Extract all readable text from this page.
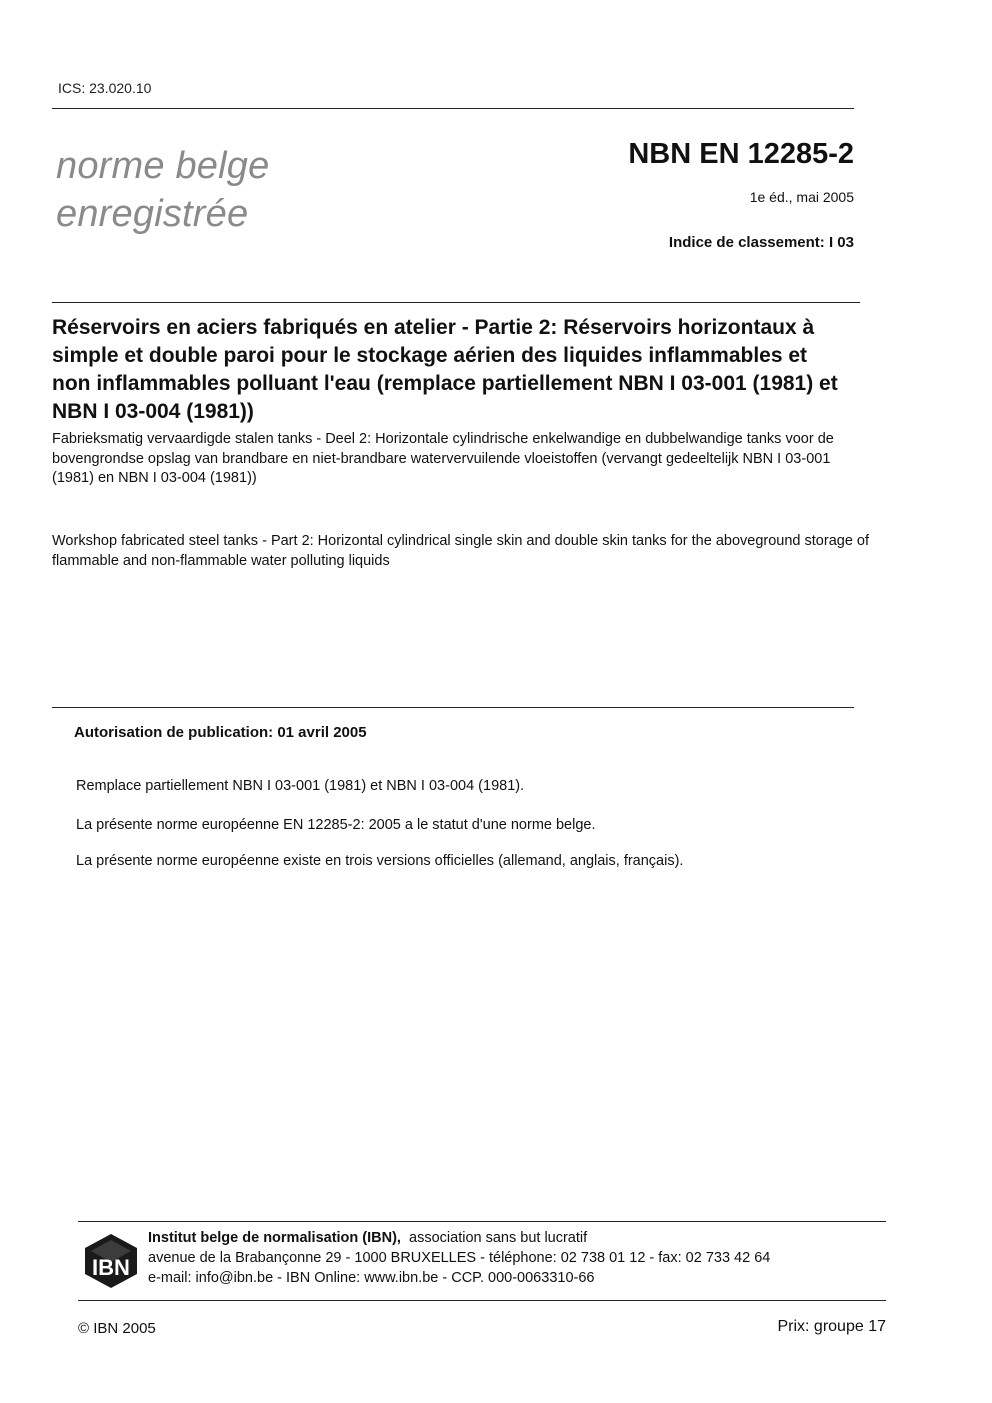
ICS: 23.020.10
norme belge
enregistrée
NBN EN 12285-2
1e éd., mai 2005
Indice de classement: I 03
Réservoirs en aciers fabriqués en atelier - Partie 2: Réservoirs horizontaux à simple et double paroi pour le stockage aérien des liquides inflammables et non inflammables polluant l'eau (remplace partiellement NBN I 03-001 (1981) et NBN I 03-004 (1981))
Fabrieksmatig vervaardigde stalen tanks - Deel 2: Horizontale cylindrische enkelwandige en dubbelwandige tanks voor de bovengrondse opslag van brandbare en niet-brandbare watervervuilende vloeistoffen (vervangt gedeeltelijk NBN I 03-001 (1981) en NBN I 03-004 (1981))
Workshop fabricated steel tanks - Part 2: Horizontal cylindrical single skin and double skin tanks for the aboveground storage of flammable and non-flammable water polluting liquids
Autorisation de publication: 01 avril 2005
Remplace partiellement NBN I 03-001 (1981) et NBN I 03-004 (1981).
La présente norme européenne EN 12285-2: 2005 a le statut d'une norme belge.
La présente norme européenne existe en trois versions officielles (allemand, anglais, français).
IBN
Institut belge de normalisation (IBN),  association sans but lucratif
avenue de la Brabançonne 29 - 1000 BRUXELLES - téléphone: 02 738 01 12 - fax: 02 733 42 64
e-mail: info@ibn.be - IBN Online: www.ibn.be - CCP. 000-0063310-66
© IBN 2005	Prix: groupe 17
